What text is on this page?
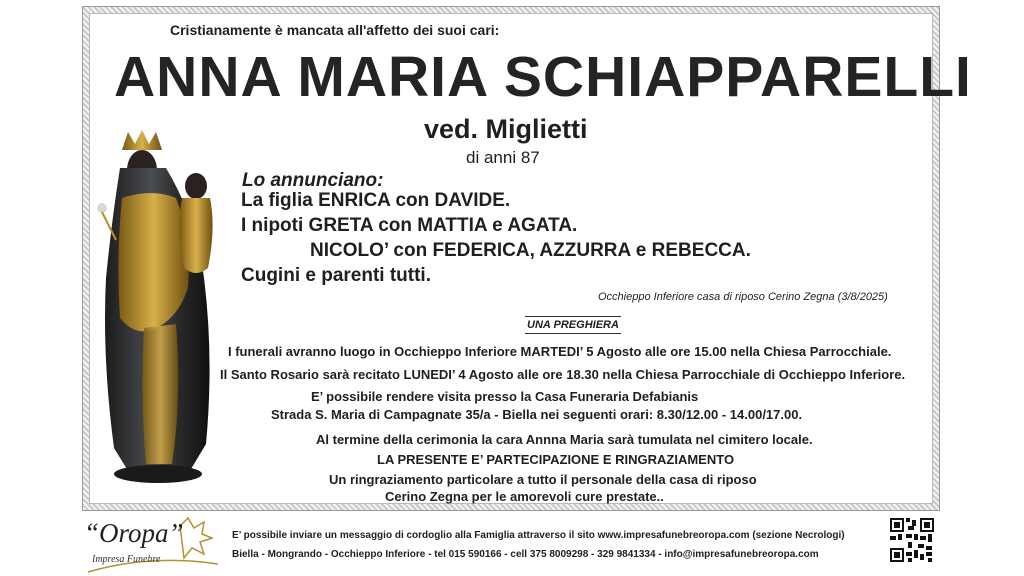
Cristianamente è mancata all'affetto dei suoi cari:
ANNA MARIA SCHIAPPARELLI
ved. Miglietti
di anni 87
Lo annunciano:
La figlia ENRICA con DAVIDE.
I nipoti GRETA con MATTIA e AGATA.
NICOLO’ con FEDERICA, AZZURRA e REBECCA.
Cugini e parenti tutti.
Occhieppo Inferiore casa di riposo Cerino Zegna (3/8/2025)
UNA PREGHIERA
I funerali avranno luogo in Occhieppo Inferiore MARTEDI’ 5 Agosto alle ore 15.00 nella Chiesa Parrocchiale.
Il Santo Rosario sarà recitato LUNEDI’ 4 Agosto alle ore 18.30 nella Chiesa Parrocchiale di Occhieppo Inferiore.
E’ possibile rendere visita presso la Casa Funeraria Defabianis
Strada S. Maria di Campagnate 35/a - Biella nei seguenti orari: 8.30/12.00 - 14.00/17.00.
Al termine della cerimonia la cara Annna Maria sarà tumulata nel cimitero locale.
LA PRESENTE E’ PARTECIPAZIONE E RINGRAZIAMENTO
Un ringraziamento particolare a tutto il personale della casa di riposo
Cerino Zegna per le amorevoli cure prestate..
“Oropa”
Impresa Funebre
E’ possibile inviare un messaggio di cordoglio alla Famiglia attraverso il sito www.impresafunebreoropa.com (sezione Necrologi)
Biella - Mongrando - Occhieppo Inferiore - tel 015 590166 - cell 375 8009298 - 329 9841334 - info@impresafunebreoropa.com
